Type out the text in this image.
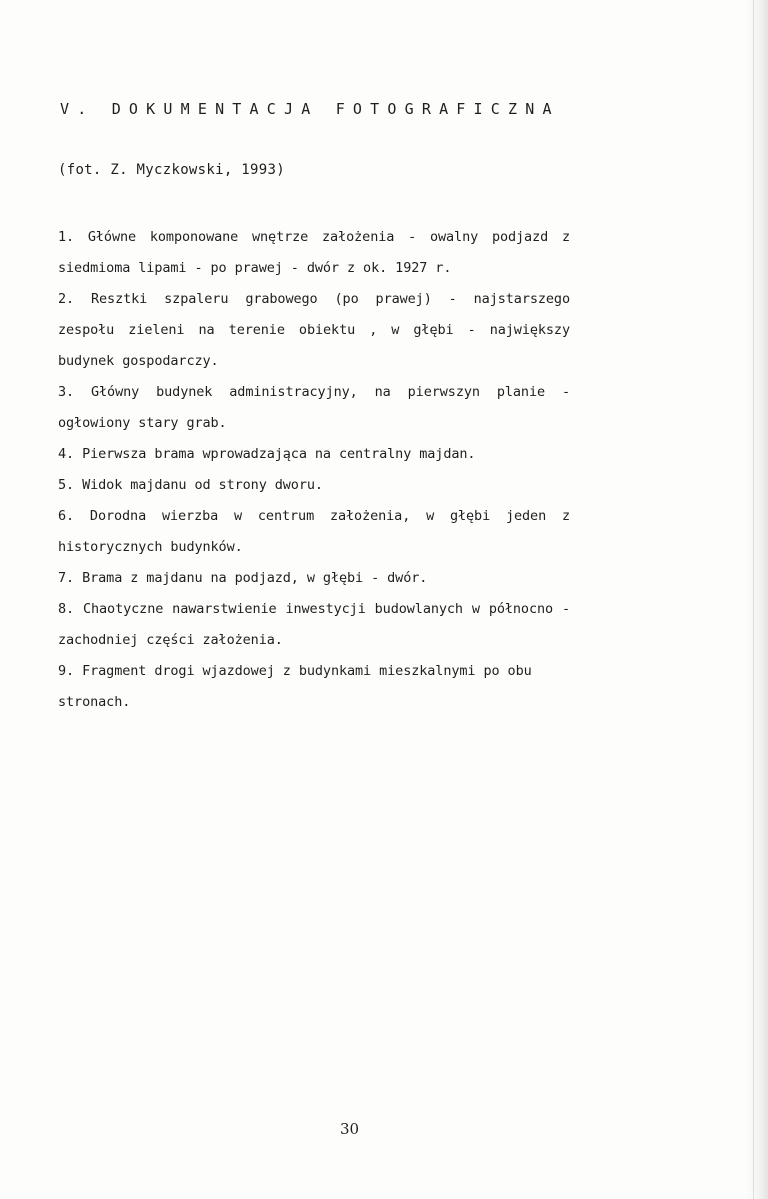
V. DOKUMENTACJA FOTOGRAFICZNA
(fot. Z. Myczkowski, 1993)
1. Główne komponowane wnętrze założenia - owalny podjazd z siedmioma lipami - po prawej - dwór z ok. 1927 r.
2. Resztki szpaleru grabowego (po prawej) - najstarszego zespołu zieleni na terenie obiektu , w głębi - największy budynek gospodarczy.
3. Główny budynek administracyjny, na pierwszyn planie - ogłowiony stary grab.
4. Pierwsza brama wprowadzająca na centralny majdan.
5. Widok majdanu od strony dworu.
6. Dorodna wierzba w centrum założenia, w głębi jeden z historycznych budynków.
7. Brama z majdanu na podjazd, w głębi - dwór.
8. Chaotyczne nawarstwienie inwestycji budowlanych w północno - zachodniej części założenia.
9. Fragment drogi wjazdowej z budynkami mieszkalnymi po obu stronach.
30
